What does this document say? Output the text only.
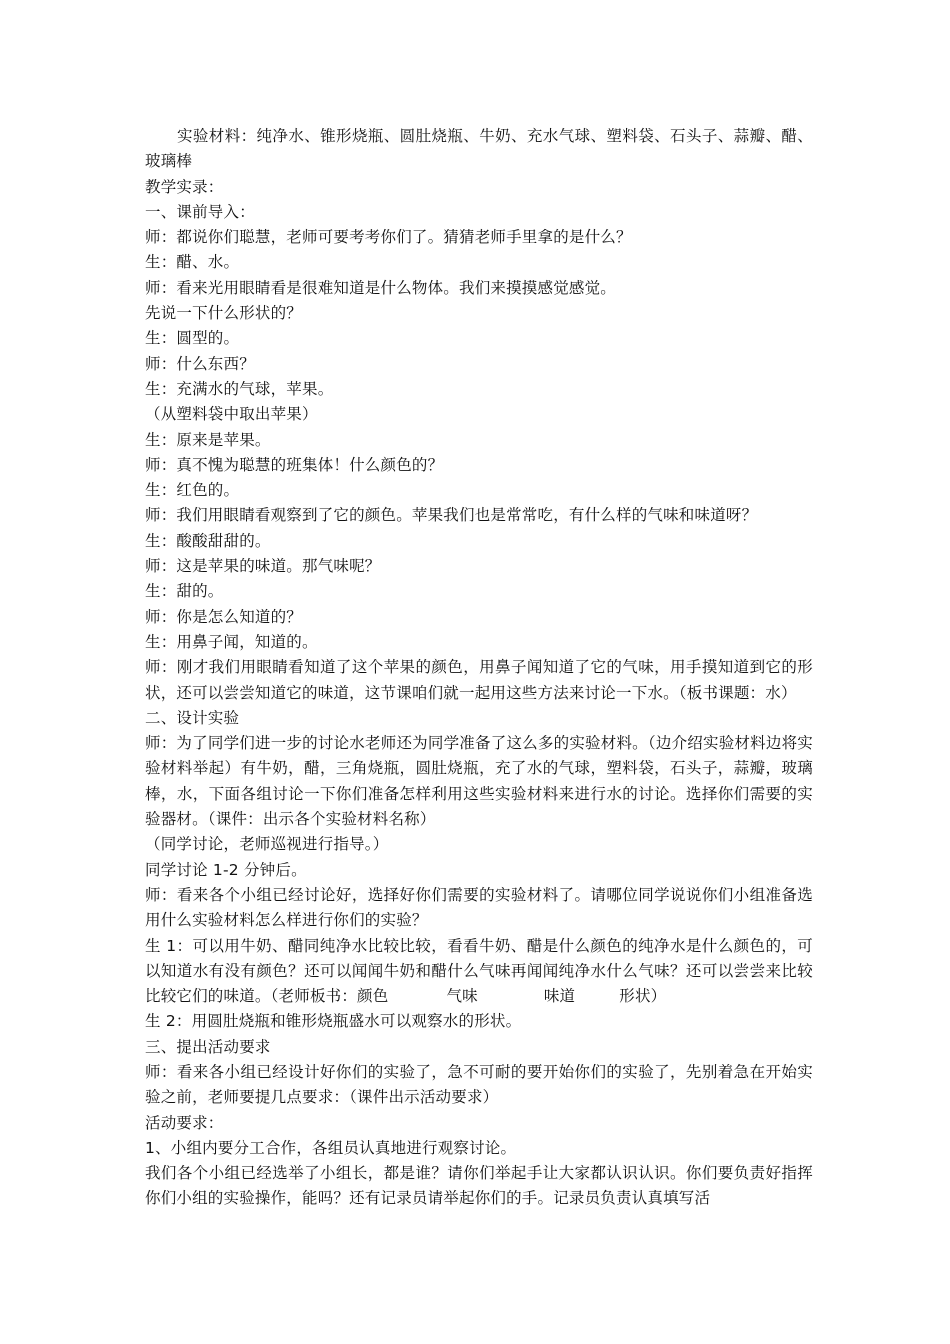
实验材料：纯净水、锥形烧瓶、圆肚烧瓶、牛奶、充水气球、塑料袋、石头子、蒜瓣、醋、玻璃棒

教学实录：

一、课前导入：

师：都说你们聪慧，老师可要考考你们了。猜猜老师手里拿的是什么？

生：醋、水。

师：看来光用眼睛看是很难知道是什么物体。我们来摸摸感觉感觉。

先说一下什么形状的？

生：圆型的。

师：什么东西？

生：充满水的气球，苹果。

（从塑料袋中取出苹果）

生：原来是苹果。

师：真不愧为聪慧的班集体！什么颜色的？

生：红色的。

师：我们用眼睛看观察到了它的颜色。苹果我们也是常常吃，有什么样的气味和味道呀？

生：酸酸甜甜的。

师：这是苹果的味道。那气味呢？

生：甜的。

师：你是怎么知道的？

生：用鼻子闻，知道的。

师：刚才我们用眼睛看知道了这个苹果的颜色，用鼻子闻知道了它的气味，用手摸知道到它的形状，还可以尝尝知道它的味道，这节课咱们就一起用这些方法来讨论一下水。（板书课题：水）

二、设计实验

师：为了同学们进一步的讨论水老师还为同学准备了这么多的实验材料。（边介绍实验材料边将实验材料举起）有牛奶，醋，三角烧瓶，圆肚烧瓶，充了水的气球，塑料袋，石头子，蒜瓣，玻璃棒，水，下面各组讨论一下你们准备怎样利用这些实验材料来进行水的讨论。选择你们需要的实验器材。（课件：出示各个实验材料名称）

（同学讨论，老师巡视进行指导。）

同学讨论 1-2 分钟后。

师：看来各个小组已经讨论好，选择好你们需要的实验材料了。请哪位同学说说你们小组准备选用什么实验材料怎么样进行你们的实验？

生 1：可以用牛奶、醋同纯净水比较比较，看看牛奶、醋是什么颜色的纯净水是什么颜色的，可以知道水有没有颜色？还可以闻闻牛奶和醋什么气味再闻闻纯净水什么气味？还可以尝尝来比较比较它们的味道。（老师板书：颜色	气味	味道	形状）

生 2：用圆肚烧瓶和锥形烧瓶盛水可以观察水的形状。

三、提出活动要求

师：看来各小组已经设计好你们的实验了，急不可耐的要开始你们的实验了，先别着急在开始实验之前，老师要提几点要求：（课件出示活动要求）

活动要求：

1、小组内要分工合作，各组员认真地进行观察讨论。

我们各个小组已经选举了小组长，都是谁？请你们举起手让大家都认识认识。你们要负责好指挥你们小组的实验操作，能吗？还有记录员请举起你们的手。记录员负责认真填写活
